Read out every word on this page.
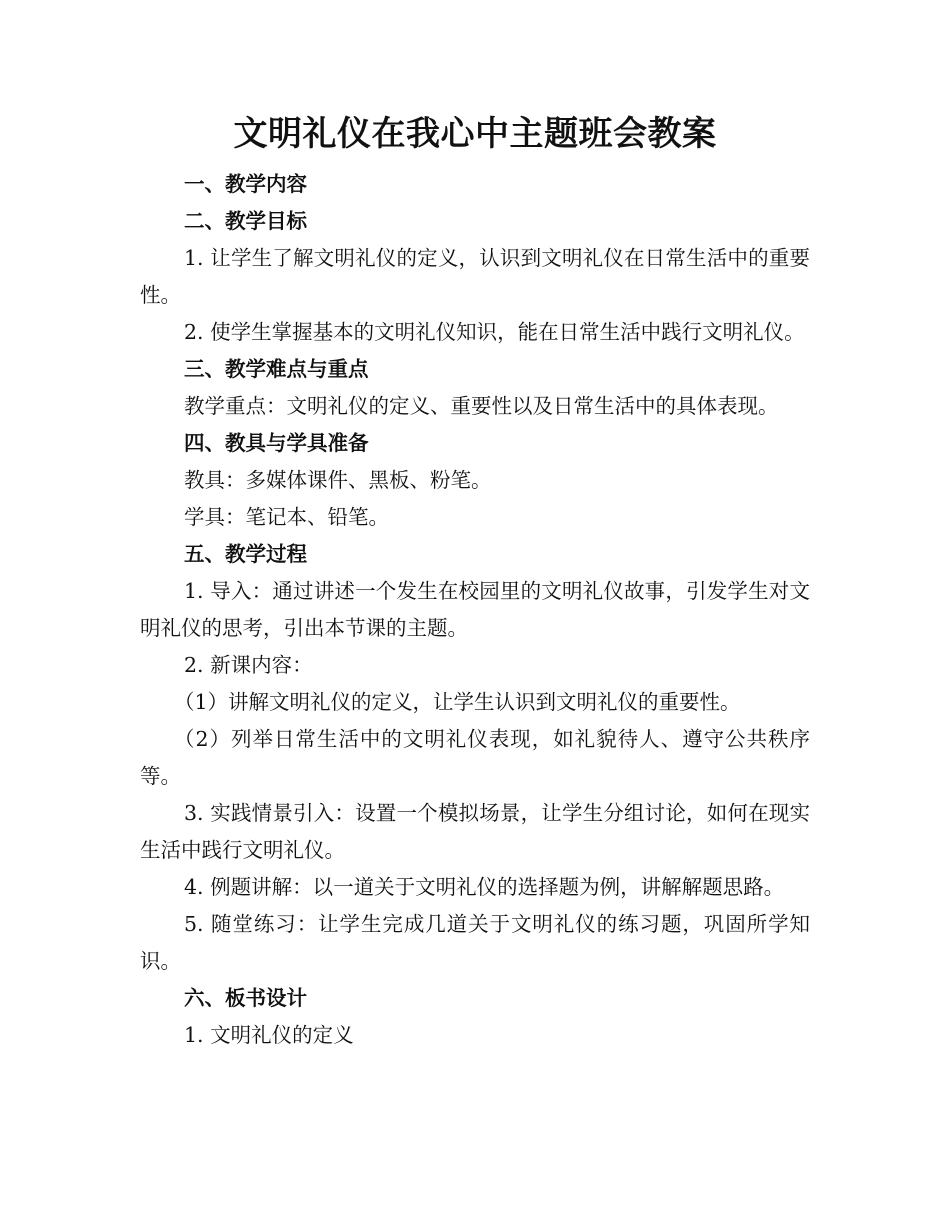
文明礼仪在我心中主题班会教案

一、教学内容

二、教学目标

1. 让学生了解文明礼仪的定义，认识到文明礼仪在日常生活中的重要性。

2. 使学生掌握基本的文明礼仪知识，能在日常生活中践行文明礼仪。

三、教学难点与重点

教学重点：文明礼仪的定义、重要性以及日常生活中的具体表现。

四、教具与学具准备

教具：多媒体课件、黑板、粉笔。

学具：笔记本、铅笔。

五、教学过程

1. 导入：通过讲述一个发生在校园里的文明礼仪故事，引发学生对文明礼仪的思考，引出本节课的主题。

2. 新课内容：

（1）讲解文明礼仪的定义，让学生认识到文明礼仪的重要性。

（2）列举日常生活中的文明礼仪表现，如礼貌待人、遵守公共秩序等。

3. 实践情景引入：设置一个模拟场景，让学生分组讨论，如何在现实生活中践行文明礼仪。

4. 例题讲解：以一道关于文明礼仪的选择题为例，讲解解题思路。

5. 随堂练习：让学生完成几道关于文明礼仪的练习题，巩固所学知识。

六、板书设计

1. 文明礼仪的定义
